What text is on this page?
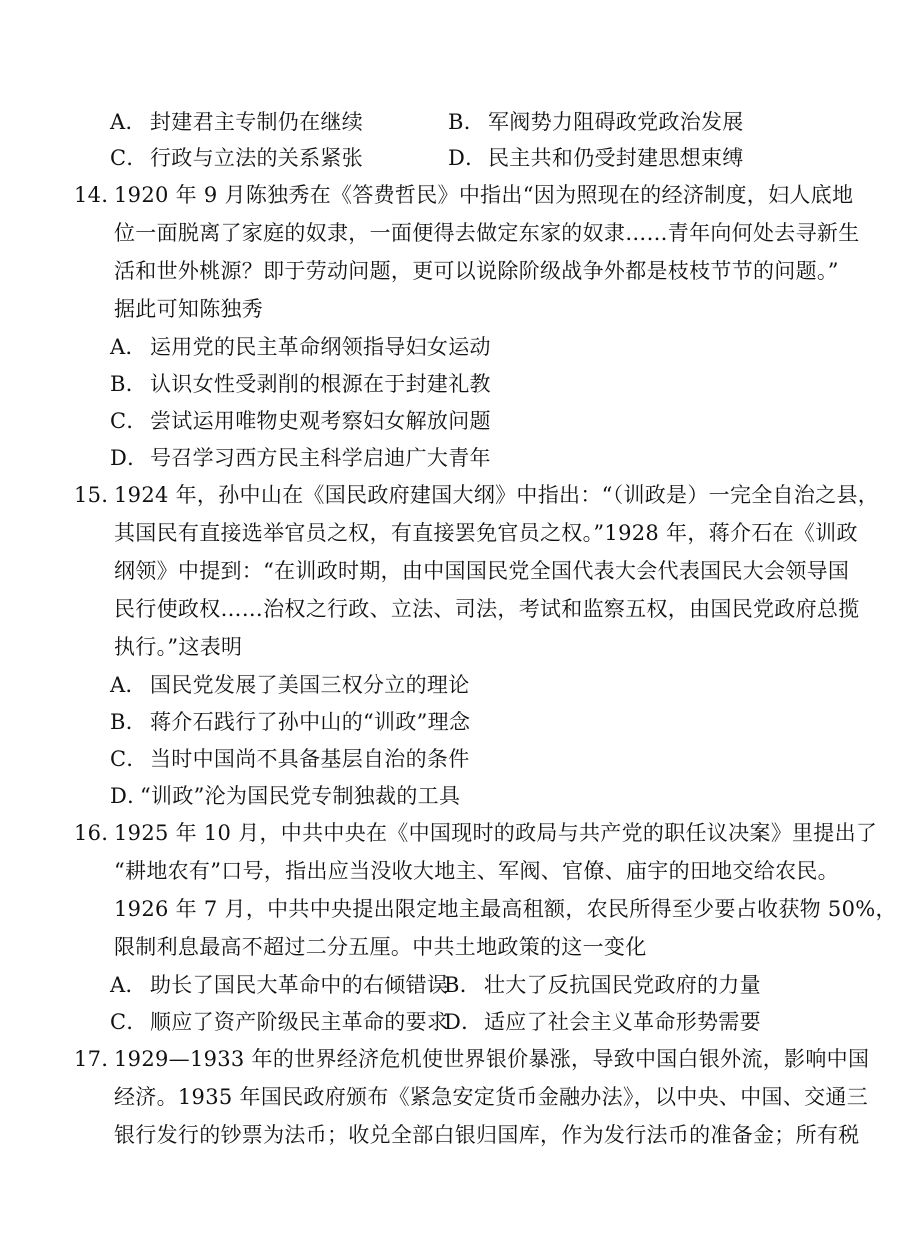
A． 封建君主专制仍在继续	B． 军阀势力阻碍政党政治发展
C． 行政与立法的关系紧张	D．民主共和仍受封建思想束缚
14．
1920 年 9 月陈独秀在《答费哲民》中指出“因为照现在的经济制度，妇人底地
位一面脱离了家庭的奴隶，一面便得去做定东家的奴隶……青年向何处去寻新生
活和世外桃源？即于劳动问题，更可以说除阶级战争外都是枝枝节节的问题。”
据此可知陈独秀
A． 运用党的民主革命纲领指导妇女运动
B． 认识女性受剥削的根源在于封建礼教
C． 尝试运用唯物史观考察妇女解放问题
D．号召学习西方民主科学启迪广大青年
15．
1924 年，孙中山在《国民政府建国大纲》中指出：“（训政是）一完全自治之县，
其国民有直接选举官员之权，有直接罢免官员之权。”1928 年，蒋介石在《训政
纲领》中提到：“在训政时期，由中国国民党全国代表大会代表国民大会领导国
民行使政权……治权之行政、立法、司法，考试和监察五权，由国民党政府总揽
执行。”这表明
A． 国民党发展了美国三权分立的理论
B． 蒋介石践行了孙中山的“训政”理念
C． 当时中国尚不具备基层自治的条件
D．“训政”沦为国民党专制独裁的工具
16．
1925 年 10 月，中共中央在《中国现时的政局与共产党的职任议决案》里提出了
“耕地农有”口号，指出应当没收大地主、军阀、官僚、庙宇的田地交给农民。
1926 年 7 月，中共中央提出限定地主最高租额，农民所得至少要占收获物 50%，
限制利息最高不超过二分五厘。中共土地政策的这一变化
A． 助长了国民大革命中的右倾错误
B． 壮大了反抗国民党政府的力量
C． 顺应了资产阶级民主革命的要求
D．适应了社会主义革命形势需要
17．
1929—1933 年的世界经济危机使世界银价暴涨，导致中国白银外流，影响中国
经济。1935 年国民政府颁布《紧急安定货币金融办法》，以中央、中国、交通三
银行发行的钞票为法币；收兑全部白银归国库，作为发行法币的准备金；所有税
